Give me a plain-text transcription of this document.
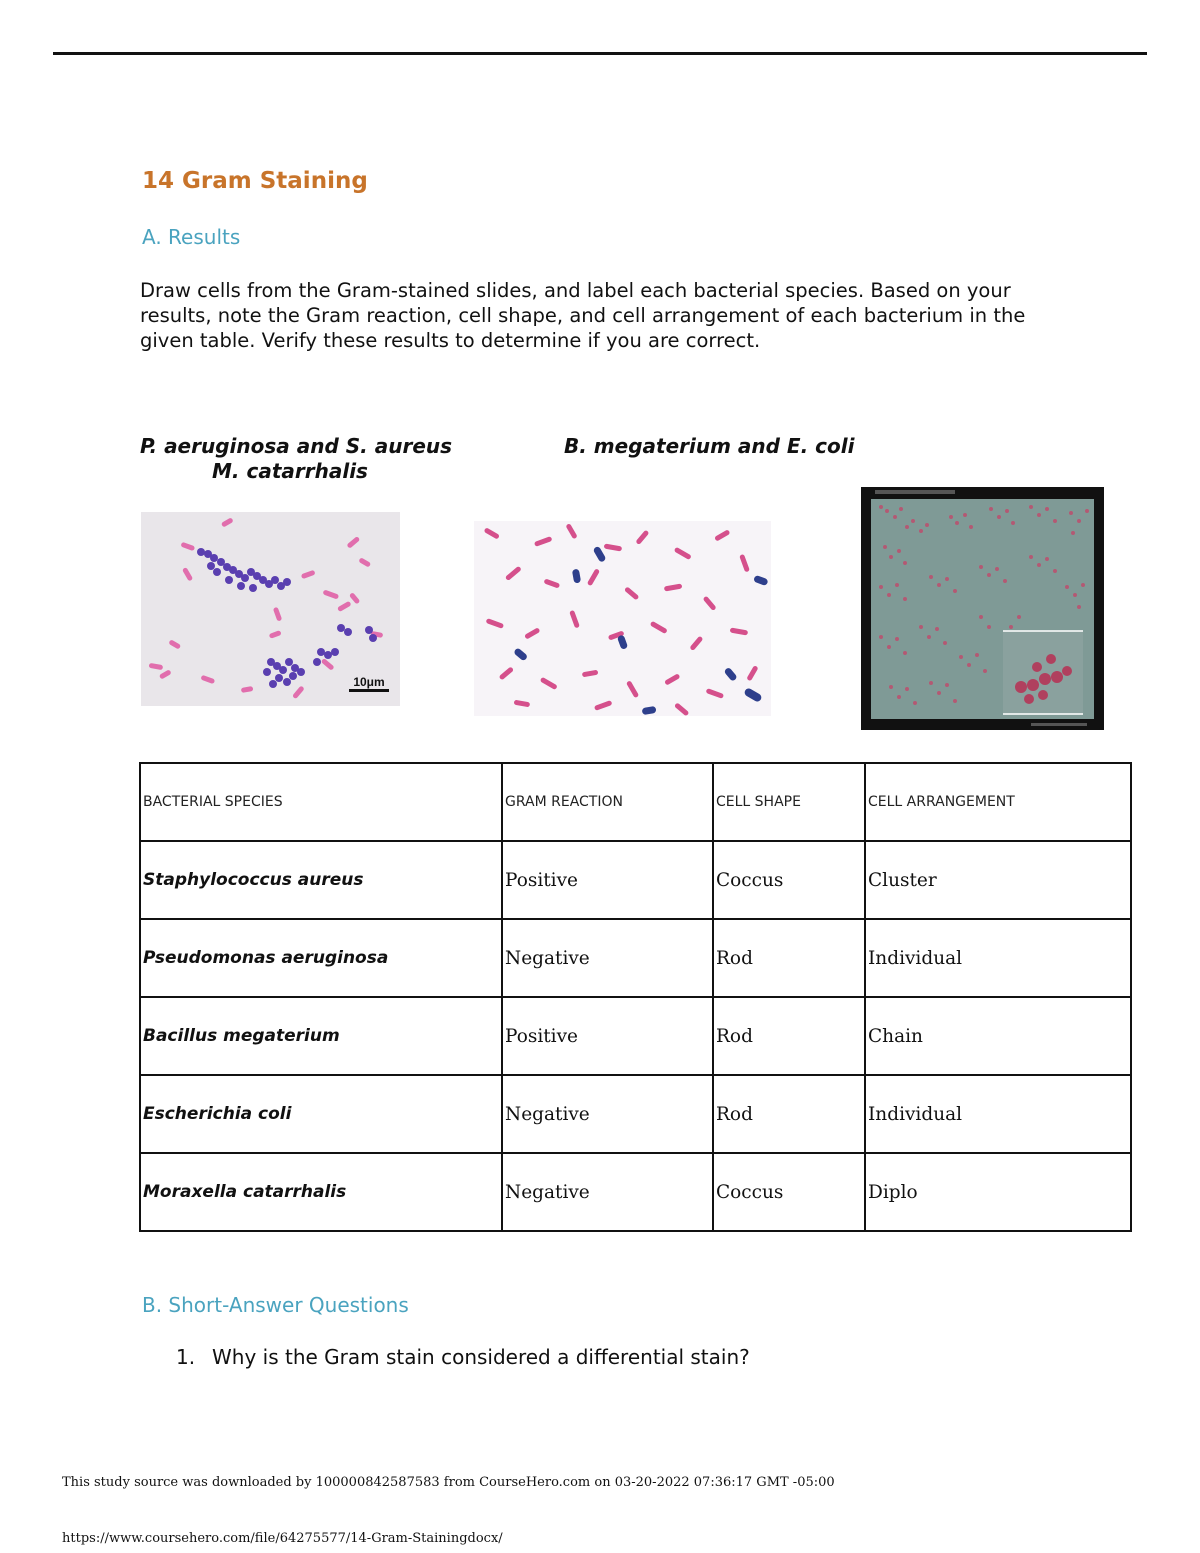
14 Gram Staining
A. Results
Draw cells from the Gram-stained slides, and label each bacterial species. Based on your results, note the Gram reaction, cell shape, and cell arrangement of each bacterium in the given table. Verify these results to determine if you are correct.
P. aeruginosa and S. aureus
M. catarrhalis
B. megaterium and E. coli
10μm
BACTERIAL SPECIES	GRAM REACTION	CELL SHAPE	CELL ARRANGEMENT
Staphylococcus aureus	Positive	Coccus	Cluster
Pseudomonas aeruginosa	Negative	Rod	Individual
Bacillus megaterium	Positive	Rod	Chain
Escherichia coli	Negative	Rod	Individual
Moraxella catarrhalis	Negative	Coccus	Diplo
B. Short-Answer Questions
1. Why is the Gram stain considered a differential stain?
This study source was downloaded by 100000842587583 from CourseHero.com on 03-20-2022 07:36:17 GMT -05:00
https://www.coursehero.com/file/64275577/14-Gram-Stainingdocx/
